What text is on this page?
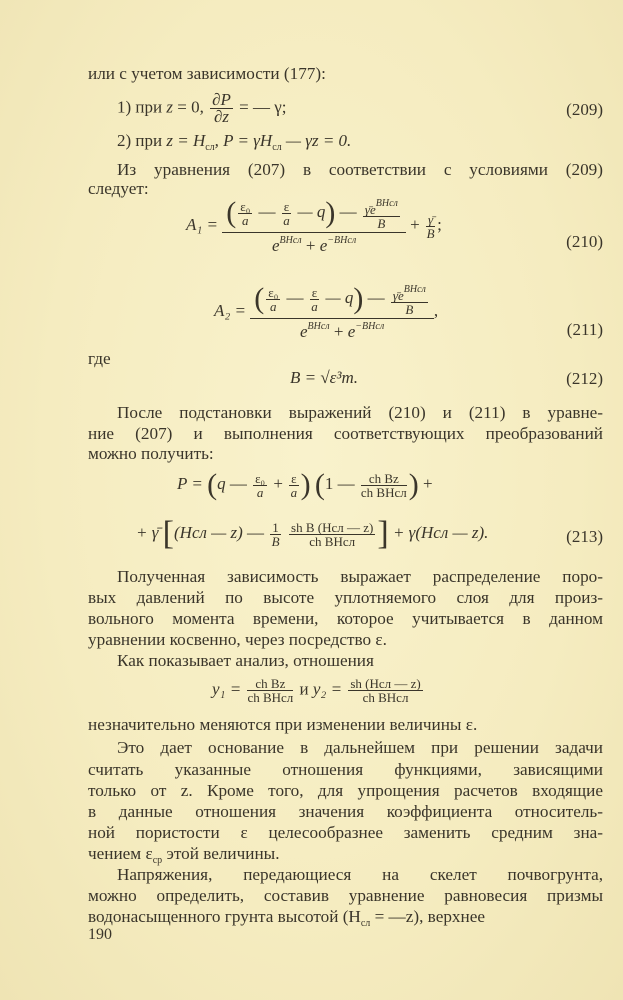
или с учетом зависимости (177):
1) при z = 0, $\frac{\partial P}{\partial z}$ = — γ;	(209)
2) при $z = H_{сл}$, $P = \gamma H_{сл}$ — γz = 0.
Из уравнения (207) в соответствии с условиями (209)
следует:
A₁ = ( $\frac{\text{ε₀}}{a}$ — $\frac{\varepsilon}{a}$ — q) — $\frac{\gammāe^{BHсл}}{B}$
$e^{BHсл} + e^{-BHсл}$
+ $\frac{\gammā}{B}$ ;
(210)
A₂ = ( $\frac{\text{ε₀}}{a}$ — $\frac{\varepsilon}{a}$ — q) — $\frac{\gammāe^{BHсл}}{B}$
$e^{BHсл} + e^{-BHсл}$
,
(211)
где
B = √ε³m.	(212)
После подстановки выражений (210) и (211) в уравне-
ние (207) и выполнения соответствующих преобразований
можно получить:
P = (q — $\frac{\text{ε₀}}{a} + \frac{\varepsilon}{a}$ ) (1 — $\frac{\text{ch Bz}}{\text{ch BHсл}}$ ) +
+ γ̄ [(Hсл — z) — $\frac{1}{B}$
$\frac{\text{sh B (Hсл — z)}}{\text{ch BHсл}}$ ] + γ(Hсл — z).	(213)
Полученная зависимость выражает распределение поро-
вых давлений по высоте уплотняемого слоя для произ-
вольного момента времени, которое учитывается в данном
уравнении косвенно, через посредство ε.
Как показывает анализ, отношения
$y_1 = \frac{\text{ch Bz}}{\text{ch BHсл}}$ и $y_2 = \frac{\text{sh (Hсл — z)}}{\text{ch BHсл}}$
незначительно меняются при изменении величины ε.
Это дает основание в дальнейшем при решении задачи
считать указанные отношения функциями, зависящими
только от z. Кроме того, для упрощения расчетов входящие
в данные отношения значения коэффициента относитель-
ной пористости ε целесообразнее заменить средним зна-
чением $\varepsilon_{ср}$ этой величины.
Напряжения, передающиеся на скелет почвогрунта,
можно определить, составив уравнение равновесия призмы
водонасыщенного грунта высотой ($H_{сл}$ = —z), верхнее
190
